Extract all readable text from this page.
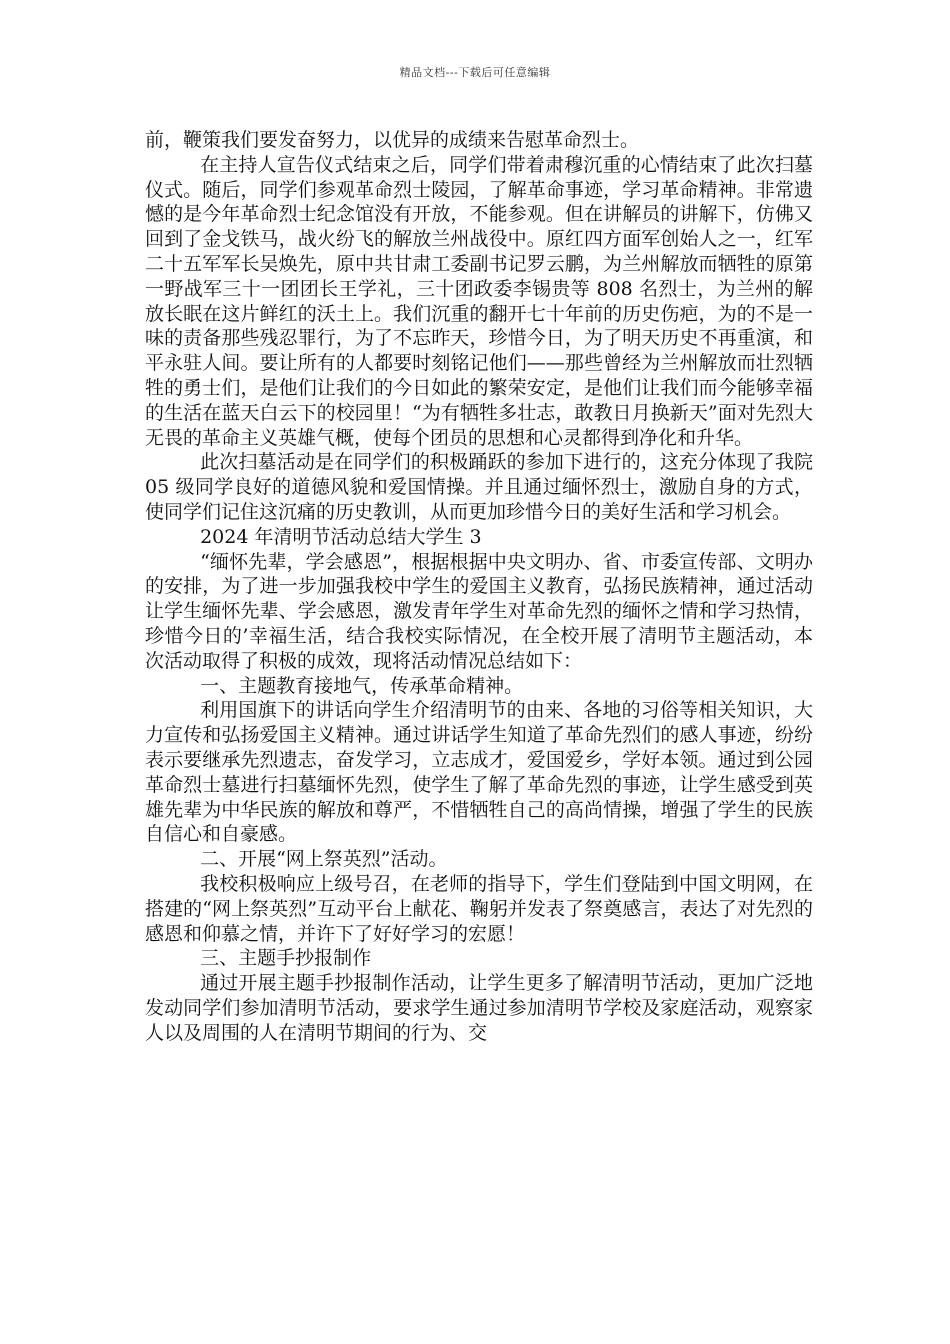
精品文档---下载后可任意编辑

前，鞭策我们要发奋努力，以优异的成绩来告慰革命烈士。

在主持人宣告仪式结束之后，同学们带着肃穆沉重的心情结束了此次扫墓仪式。随后，同学们参观革命烈士陵园，了解革命事迹，学习革命精神。非常遗憾的是今年革命烈士纪念馆没有开放，不能参观。但在讲解员的讲解下，仿佛又回到了金戈铁马，战火纷飞的解放兰州战役中。原红四方面军创始人之一，红军二十五军军长吴焕先，原中共甘肃工委副书记罗云鹏，为兰州解放而牺牲的原第一野战军三十一团团长王学礼，三十团政委李锡贵等 808 名烈士，为兰州的解放长眠在这片鲜红的沃土上。我们沉重的翻开七十年前的历史伤疤，为的不是一味的责备那些残忍罪行，为了不忘昨天，珍惜今日，为了明天历史不再重演，和平永驻人间。要让所有的人都要时刻铭记他们——那些曾经为兰州解放而壮烈牺牲的勇士们，是他们让我们的今日如此的繁荣安定，是他们让我们而今能够幸福的生活在蓝天白云下的校园里！“为有牺牲多壮志，敢教日月换新天”面对先烈大无畏的革命主义英雄气概，使每个团员的思想和心灵都得到净化和升华。

此次扫墓活动是在同学们的积极踊跃的参加下进行的，这充分体现了我院 05 级同学良好的道德风貌和爱国情操。并且通过缅怀烈士，激励自身的方式，使同学们记住这沉痛的历史教训，从而更加珍惜今日的美好生活和学习机会。

2024 年清明节活动总结大学生 3

“缅怀先辈，学会感恩”，根据根据中央文明办、省、市委宣传部、文明办的安排，为了进一步加强我校中学生的爱国主义教育，弘扬民族精神，通过活动让学生缅怀先辈、学会感恩，激发青年学生对革命先烈的缅怀之情和学习热情，珍惜今日的’幸福生活，结合我校实际情况，在全校开展了清明节主题活动，本次活动取得了积极的成效，现将活动情况总结如下：

一、主题教育接地气，传承革命精神。

利用国旗下的讲话向学生介绍清明节的由来、各地的习俗等相关知识，大力宣传和弘扬爱国主义精神。通过讲话学生知道了革命先烈们的感人事迹，纷纷表示要继承先烈遗志，奋发学习，立志成才，爱国爱乡，学好本领。通过到公园革命烈士墓进行扫墓缅怀先烈，使学生了解了革命先烈的事迹，让学生感受到英雄先辈为中华民族的解放和尊严，不惜牺牲自己的高尚情操，增强了学生的民族自信心和自豪感。

二、开展“网上祭英烈”活动。

我校积极响应上级号召，在老师的指导下，学生们登陆到中国文明网，在搭建的“网上祭英烈”互动平台上献花、鞠躬并发表了祭奠感言，表达了对先烈的感恩和仰慕之情，并许下了好好学习的宏愿！

三、主题手抄报制作

通过开展主题手抄报制作活动，让学生更多了解清明节活动，更加广泛地发动同学们参加清明节活动，要求学生通过参加清明节学校及家庭活动，观察家人以及周围的人在清明节期间的行为、交
